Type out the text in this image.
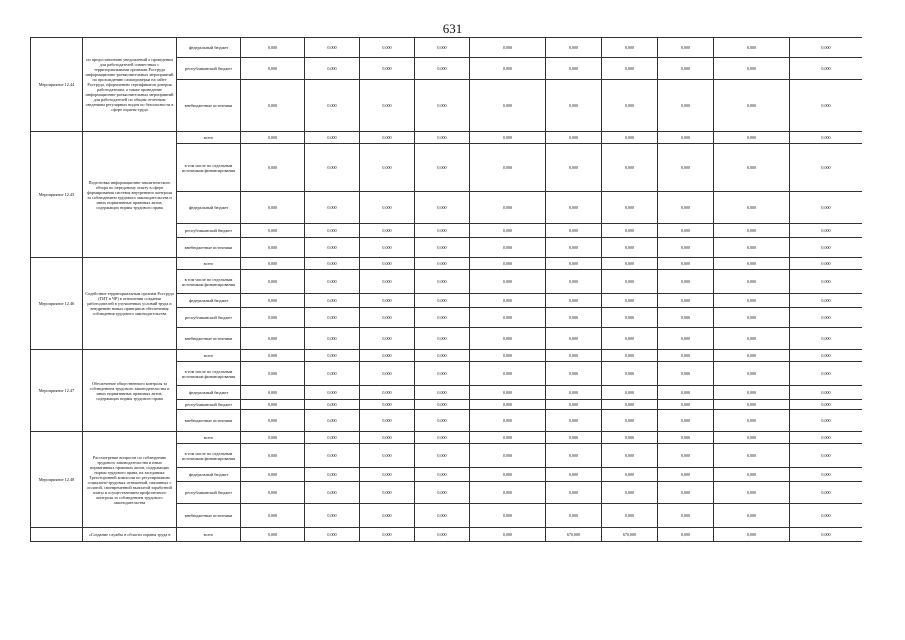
631
Мероприятие 12.44	по предоставлению уведомлений о проведении для работодателей совместных с территориальными органами Роструда информационно-разъяснительных мероприятий по прохождению самопроверки на сайте Роструда, оформлению сертификатов доверия работодателям, а также проведение информационно-разъяснительных мероприятий для работодателей по общим отчетным сведениям регулярных видов по безопасности в сфере охраны труда	федеральный бюджет	0,000	0,000	0,000	0,000	0,000	0,000	0,000	0,000	0,000	0,000	
		республиканский бюджет	0,000	0,000	0,000	0,000	0,000	0,000	0,000	0,000	0,000	0,000	
		внебюджетные источники	0,000	0,000	0,000	0,000	0,000	0,000	0,000	0,000	0,000	0,000	
Мероприятие 12.45	Подготовка информационно-аналитического обзора по передовому опыту в сфере формирования системы внутреннего контроля за соблюдением трудового законодательства и иных нормативных правовых актов, содержащих нормы трудового права	всего	0,000	0,000	0,000	0,000	0,000	0,000	0,000	0,000	0,000	0,000	
		в том числе по отдельным источникам финансирования	0,000	0,000	0,000	0,000	0,000	0,000	0,000	0,000	0,000	0,000	
		федеральный бюджет	0,000	0,000	0,000	0,000	0,000	0,000	0,000	0,000	0,000	0,000	
		республиканский бюджет	0,000	0,000	0,000	0,000	0,000	0,000	0,000	0,000	0,000	0,000	
		внебюджетные источники	0,000	0,000	0,000	0,000	0,000	0,000	0,000	0,000	0,000	0,000	
Мероприятие 12.46	Содействие территориальным органам Роструда (ГИТ в ЧР) в отношении создания работодателей в улучшенных условий труда и внедрению новых принципов обеспечения соблюдения трудового законодательства	всего	0,000	0,000	0,000	0,000	0,000	0,000	0,000	0,000	0,000	0,000	
		в том числе по отдельным источникам финансирования	0,000	0,000	0,000	0,000	0,000	0,000	0,000	0,000	0,000	0,000	
		федеральный бюджет	0,000	0,000	0,000	0,000	0,000	0,000	0,000	0,000	0,000	0,000	
		республиканский бюджет	0,000	0,000	0,000	0,000	0,000	0,000	0,000	0,000	0,000	0,000	
		внебюджетные источники	0,000	0,000	0,000	0,000	0,000	0,000	0,000	0,000	0,000	0,000	
Мероприятие 12.47	Обеспечение общественного контроля за соблюдением трудового законодательства и иных нормативных правовых актов, содержащих нормы трудового права	всего	0,000	0,000	0,000	0,000	0,000	0,000	0,000	0,000	0,000	0,000	
		в том числе по отдельным источникам финансирования	0,000	0,000	0,000	0,000	0,000	0,000	0,000	0,000	0,000	0,000	
		федеральный бюджет	0,000	0,000	0,000	0,000	0,000	0,000	0,000	0,000	0,000	0,000	
		республиканский бюджет	0,000	0,000	0,000	0,000	0,000	0,000	0,000	0,000	0,000	0,000	
		внебюджетные источники	0,000	0,000	0,000	0,000	0,000	0,000	0,000	0,000	0,000	0,000	
Мероприятие 12.48	Рассмотрение вопросов по соблюдению трудового законодательства и иных нормативных правовых актов, содержащих нормы трудового права, на заседаниях Трехсторонней комиссии по регулированию социально-трудовых отношений, связанных с оплатой, своевременной выплатой заработной платы и осуществлением профсоюзного контроля за соблюдением трудового законодательства	всего	0,000	0,000	0,000	0,000	0,000	0,000	0,000	0,000	0,000	0,000	
		в том числе по отдельным источникам финансирования	0,000	0,000	0,000	0,000	0,000	0,000	0,000	0,000	0,000	0,000	
		федеральный бюджет	0,000	0,000	0,000	0,000	0,000	0,000	0,000	0,000	0,000	0,000	
		республиканский бюджет	0,000	0,000	0,000	0,000	0,000	0,000	0,000	0,000	0,000	0,000	
		внебюджетные источники	0,000	0,000	0,000	0,000	0,000	0,000	0,000	0,000	0,000	0,000	
	«Создание службы в области охраны труда в	всего	0,000	0,000	0,000	0,000	0,000	670,000	670,000	0,000	0,000	0,000	
